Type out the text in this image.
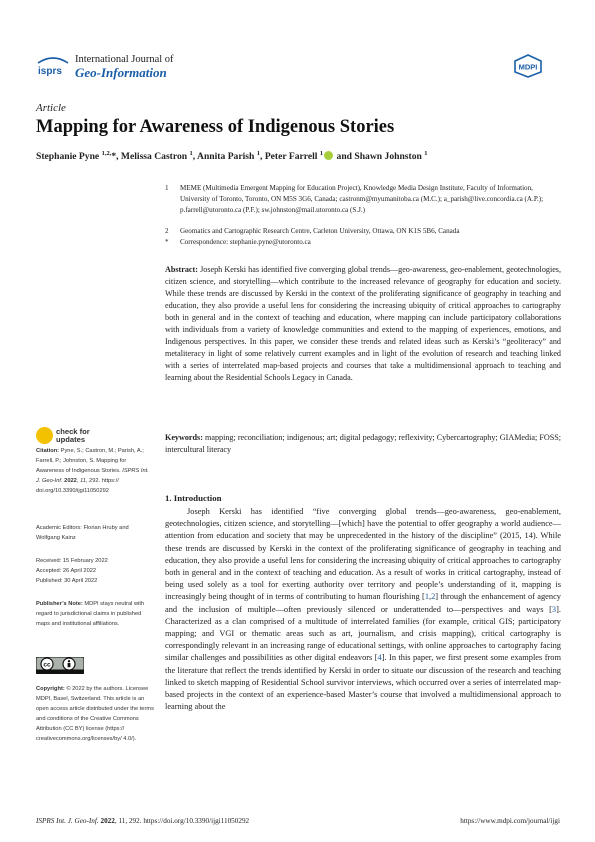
isprs
International Journal of
Geo-Information	MDPI
Article
Mapping for Awareness of Indigenous Stories
Stephanie Pyne $^{1,2,}$*, Melissa Castron $^1$, Annita Parish $^1$, Peter Farrell $^1$ and Shawn Johnston $^1$
1	MEME (Multimedia Emergent Mapping for Education Project), Knowledge Media Design Institute, Faculty of Information, University of Toronto, Toronto, ON M5S 3G6, Canada; castronm@myumanitoba.ca (M.C.); a_parish@live.concordia.ca (A.P.); p.farrell@utoronto.ca (P.F.); sw.johnston@mail.utoronto.ca (S.J.)
2	Geomatics and Cartographic Research Centre, Carleton University, Ottawa, ON K1S 5B6, Canada
*	Correspondence: stephanie.pyne@utoronto.ca
Abstract: Joseph Kerski has identified five converging global trends—geo-awareness, geo-enablement, geotechnologies, citizen science, and storytelling—which contribute to the increased relevance of geography for education and society. While these trends are discussed by Kerski in the context of the proliferating significance of geography in teaching and education, they also provide a useful lens for considering the increasing ubiquity of critical approaches to cartography both in general and in the context of teaching and education, where mapping can include participatory collaborations with individuals from a variety of knowledge communities and extend to the mapping of experiences, emotions, and Indigenous perspectives. In this paper, we consider these trends and related ideas such as Kerski’s “geoliteracy” and metaliteracy in light of some relatively current examples and in light of the evolution of research and teaching linked with a series of interrelated map-based projects and courses that take a multidimensional approach to teaching and learning about the Residential Schools Legacy in Canada.
Keywords: mapping; reconciliation; indigenous; art; digital pedagogy; reflexivity; Cybercartography; GIAMedia; FOSS; intercultural literacy
check for
updates
Citation: Pyne, S.; Castron, M.; Parish, A.; Farrell, P.; Johnston, S. Mapping for Awareness of Indigenous Stories. ISPRS Int. J. Geo-Inf. 2022, 11, 292. https:// doi.org/10.3390/ijgi11050292
Academic Editors: Florian Hruby and Wolfgang Kainz
Received: 15 February 2022
Accepted: 26 April 2022
Published: 30 April 2022
Publisher’s Note: MDPI stays neutral with regard to jurisdictional claims in published maps and institutional affiliations.
cc
Copyright: © 2022 by the authors. Licensee MDPI, Basel, Switzerland. This article is an open access article distributed under the terms and conditions of the Creative Commons Attribution (CC BY) license (https:// creativecommons.org/licenses/by/ 4.0/).
1. Introduction
Joseph Kerski has identified “five converging global trends—geo-awareness, geo-enablement, geotechnologies, citizen science, and storytelling—[which] have the potential to offer geography a world audience—attention from education and society that may be unprecedented in the history of the discipline” (2015, 14). While these trends are discussed by Kerski in the context of the proliferating significance of geography in teaching and education, they also provide a useful lens for considering the increasing ubiquity of critical approaches to cartography both in general and in the context of teaching and education. As a result of works in critical cartography, instead of being used solely as a tool for exerting authority over territory and people’s understanding of it, mapping is increasingly being thought of in terms of contributing to human flourishing [1,2] through the enhancement of agency and the inclusion of multiple—often previously silenced or underattended to—perspectives and ways [3]. Characterized as a clan comprised of a multitude of interrelated families (for example, critical GIS; participatory mapping; and VGI or thematic areas such as art, journalism, and crisis mapping), critical cartography is correspondingly relevant in an increasing range of educational settings, with online approaches to cartography facing similar challenges and possibilities as other digital endeavors [4]. In this paper, we first present some examples from the literature that reflect the trends identified by Kerski in order to situate our discussion of the research and teaching linked to sketch mapping of Residential School survivor interviews, which occurred over a series of interrelated map-based projects in the context of an experience-based Master’s course that involved a multidimensional approach to learning about the
ISPRS Int. J. Geo-Inf. 2022, 11, 292. https://doi.org/10.3390/ijgi11050292	https://www.mdpi.com/journal/ijgi
